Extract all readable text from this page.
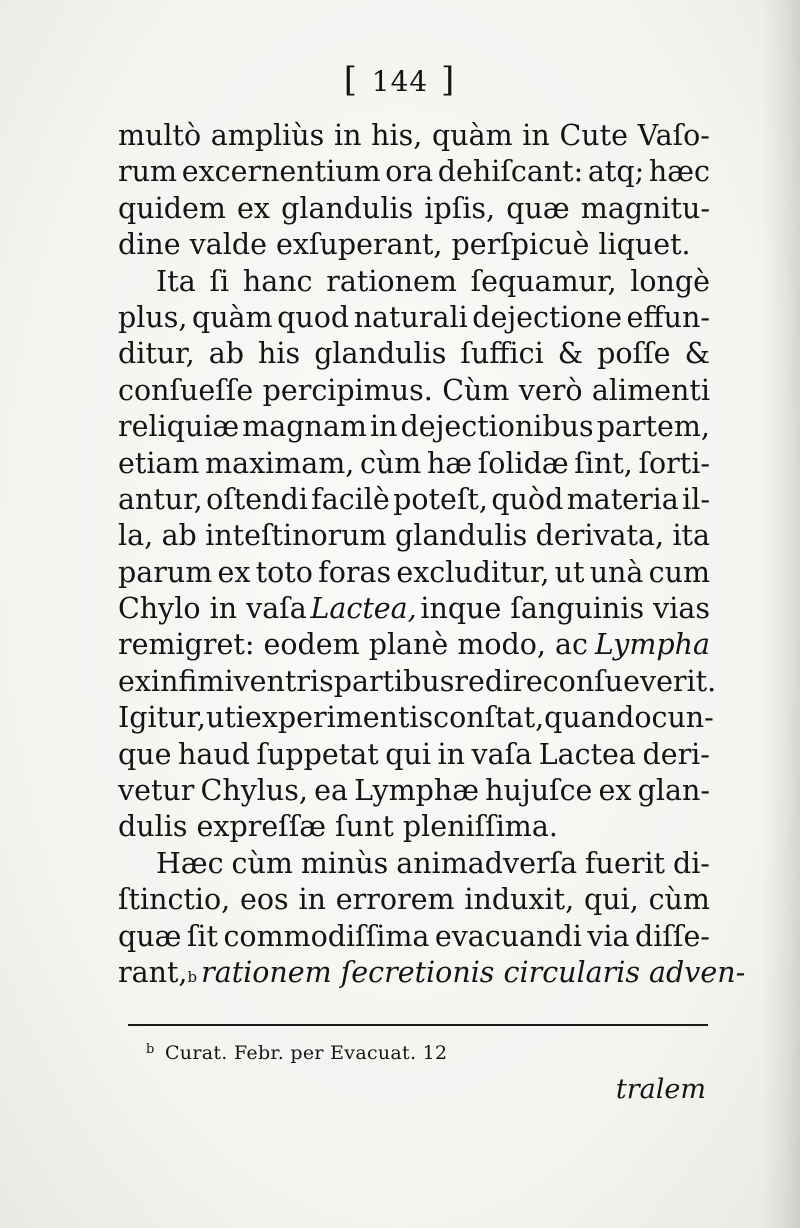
[ 144 ]
multò ampliùs in his, quàm in Cute Vaſo-
rum excernentium ora dehiſcant: atq; hæc
quidem ex glandulis ipſis, quæ magnitu-
dine valde exſuperant, perſpicuè liquet.
Ita ſi hanc rationem ſequamur, longè
plus, quàm quod naturali dejectione effun-
ditur, ab his glandulis ſuffici & poſſe &
conſueſſe percipimus. Cùm verò alimenti
reliquiæ magnam in dejectionibus partem,
etiam maximam, cùm hæ ſolidæ ſint, ſorti-
antur, oſtendi facilè poteſt, quòd materia il-
la, ab inteſtinorum glandulis derivata, ita
parum ex toto foras excluditur, ut unà cum
Chylo in vaſa Lactea, inque ſanguinis vias
remigret: eodem planè modo, ac Lympha
ex infimi ventris partibus redire conſueverit.
Igitur, uti experimentis conſtat, quandocun-
que haud ſuppetat qui in vaſa Lactea deri-
vetur Chylus, ea Lymphæ hujuſce ex glan-
dulis expreſſæ ſunt pleniſſima.
Hæc cùm minùs animadverſa fuerit di-
ſtinctio, eos in errorem induxit, qui, cùm
quæ ſit commodiſſima evacuandi via diſſe-
rant, b rationem ſecretionis circularis adven-
$^b$ Curat. Febr. per Evacuat. 12
tralem
